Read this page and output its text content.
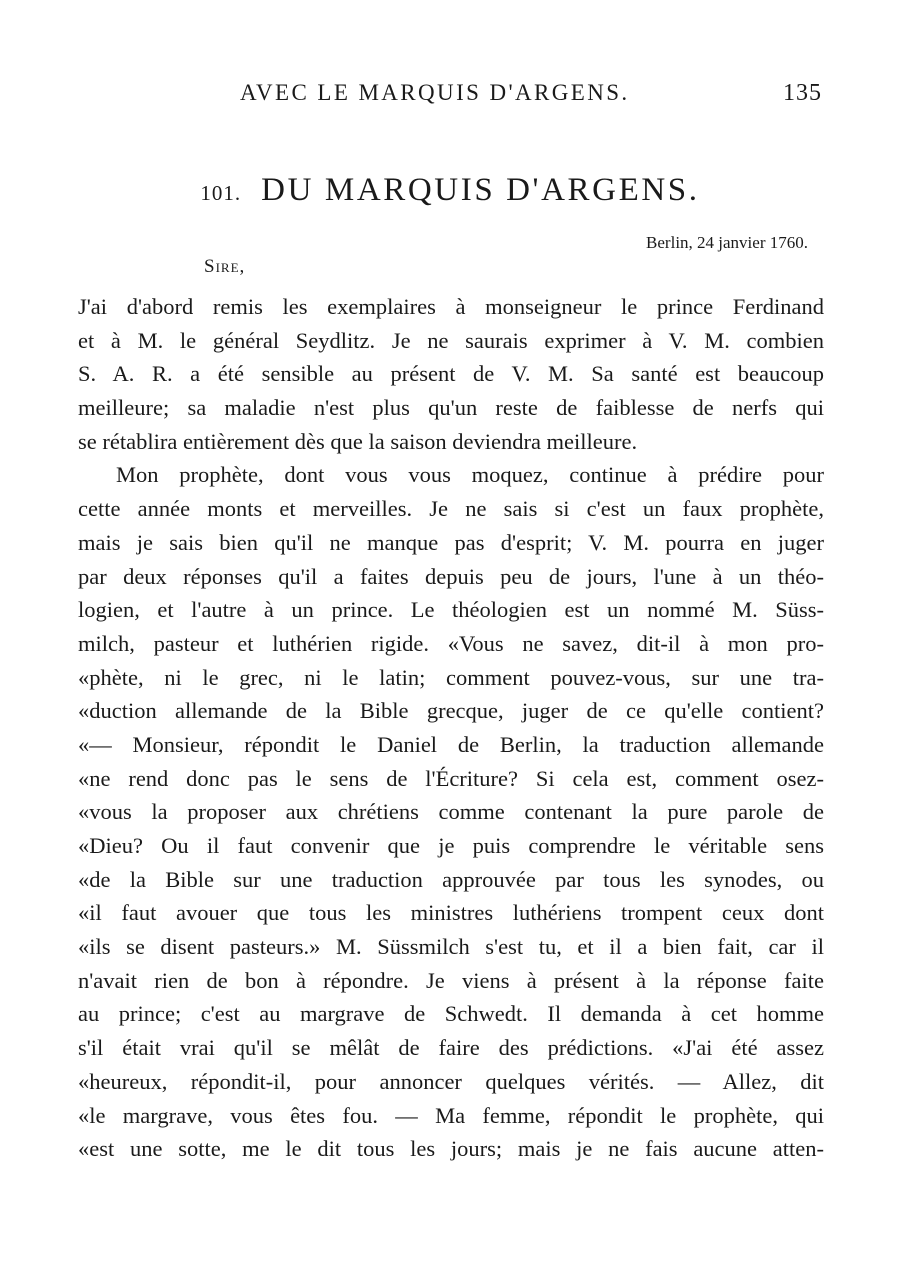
AVEC LE MARQUIS D'ARGENS.	135
101. DU MARQUIS D'ARGENS.
Berlin, 24 janvier 1760.
Sire,
J'ai d'abord remis les exemplaires à monseigneur le prince Ferdinand
et à M. le général Seydlitz. Je ne saurais exprimer à V. M. combien
S. A. R. a été sensible au présent de V. M. Sa santé est beaucoup
meilleure; sa maladie n'est plus qu'un reste de faiblesse de nerfs qui
se rétablira entièrement dès que la saison deviendra meilleure.
Mon prophète, dont vous vous moquez, continue à prédire pour
cette année monts et merveilles. Je ne sais si c'est un faux prophète,
mais je sais bien qu'il ne manque pas d'esprit; V. M. pourra en juger
par deux réponses qu'il a faites depuis peu de jours, l'une à un théo-
logien, et l'autre à un prince. Le théologien est un nommé M. Süss-
milch, pasteur et luthérien rigide. «Vous ne savez, dit-il à mon pro-
«phète, ni le grec, ni le latin; comment pouvez-vous, sur une tra-
«duction allemande de la Bible grecque, juger de ce qu'elle contient?
«— Monsieur, répondit le Daniel de Berlin, la traduction allemande
«ne rend donc pas le sens de l'Écriture? Si cela est, comment osez-
«vous la proposer aux chrétiens comme contenant la pure parole de
«Dieu? Ou il faut convenir que je puis comprendre le véritable sens
«de la Bible sur une traduction approuvée par tous les synodes, ou
«il faut avouer que tous les ministres luthériens trompent ceux dont
«ils se disent pasteurs.» M. Süssmilch s'est tu, et il a bien fait, car il
n'avait rien de bon à répondre. Je viens à présent à la réponse faite
au prince; c'est au margrave de Schwedt. Il demanda à cet homme
s'il était vrai qu'il se mêlât de faire des prédictions. «J'ai été assez
«heureux, répondit-il, pour annoncer quelques vérités. — Allez, dit
«le margrave, vous êtes fou. — Ma femme, répondit le prophète, qui
«est une sotte, me le dit tous les jours; mais je ne fais aucune atten-
